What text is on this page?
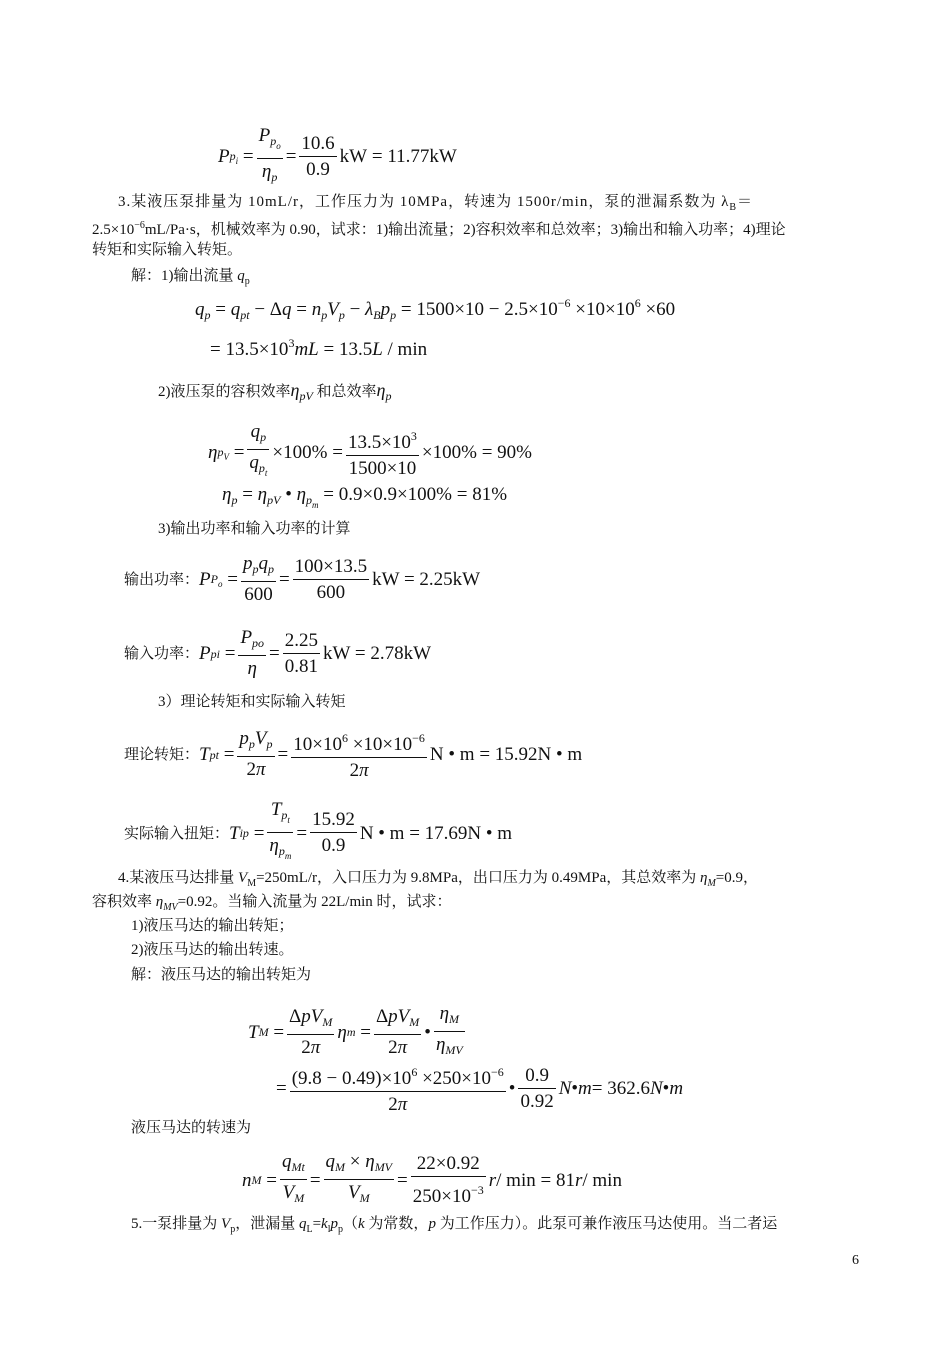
P $p_i = \frac{P_{p_o}}{\eta_p} = \frac{10.6}{0.9}$ kW = 11.77kW
3.某液压泵排量为 10mL/r，工作压力为 10MPa，转速为 1500r/min，泵的泄漏系数为 $\lambda_B=$
$2.5\times 10^{-6}mL/Pa\cdot s$，机械效率为 0.90，试求：1)输出流量；2)容积效率和总效率；3)输出和输入功率；4)理论
转矩和实际输入转矩。
解：1)输出流量 $q_p$
$q_p = q_{pt} - \Delta q = n_pV_p - \lambda_Bp_p = 1500\times 10 - 2.5\times 10^{-6} \times 10\times 10^6 \times 60$
= $13.5\times 10^3mL = 13.5L / \min$
2)液压泵的容积效率$\eta_{pV}$ 和总效率$\eta_p$
η $p_V = \frac{q_p}{q_{p_t}} \times 100\% = \frac{13.5\times 10^3}{1500\times 10} \times 100\% = 90\%$
$\eta_p = \eta_{pV}$ • $\eta_{p_m} = 0.9\times 0.9\times 100\% = 81\%$
3)输出功率和输入功率的计算
输出功率： P $P_o = \frac{p_pq_p}{600} = \frac{100\times 13.5}{600}$ kW = 2.25kW
输入功率： P pi = $\frac{P_{po}}{\eta} = \frac{2.25}{0.81}$ kW = 2.78kW
3）理论转矩和实际输入转矩
理论转矩： T pt = $\frac{p_pV_p}{2\pi} = \frac{10\times 10^6 \times 10\times 10^{-6}}{2\pi}$ N • m = 15.92N • m
实际输入扭矩： T ip = $\frac{T_{p_t}}{\eta_{p_m}} = \frac{15.92}{0.9}$ N • m = 17.69N • m
4.某液压马达排量 $V_M=250mL/r$，入口压力为 9.8MPa，出口压力为 0.49MPa，其总效率为 $\eta_M=0.9$，
容积效率 $\eta_{MV}=0.92$。当输入流量为 22L/min 时，试求：
1)液压马达的输出转矩；
2)液压马达的输出转速。
解：液压马达的输出转矩为
T $M = \frac{\Delta pV_M}{2\pi}$ η $m = \frac{\Delta pV_M}{2\pi}$ • $\frac{\eta_M}{\eta_{MV}}$
= $\frac{(9.8 - 0.49)\times 10^6 \times 250\times 10^{-6}}{2\pi}$ • $\frac{0.9}{0.92}$ N • m = 362.6 N • m
液压马达的转速为
n $M = \frac{q_{Mt}}{V_M} = \frac{q_M \times \eta_{MV}}{V_M} = \frac{22\times 0.92}{250\times 10^{-3}}$ r / min = 81 r / min
5.一泵排量为 $V_p$，泄漏量 $q_L=k_lp_p(k$ 为常数，p 为工作压力）。此泵可兼作液压马达使用。当二者运
6
